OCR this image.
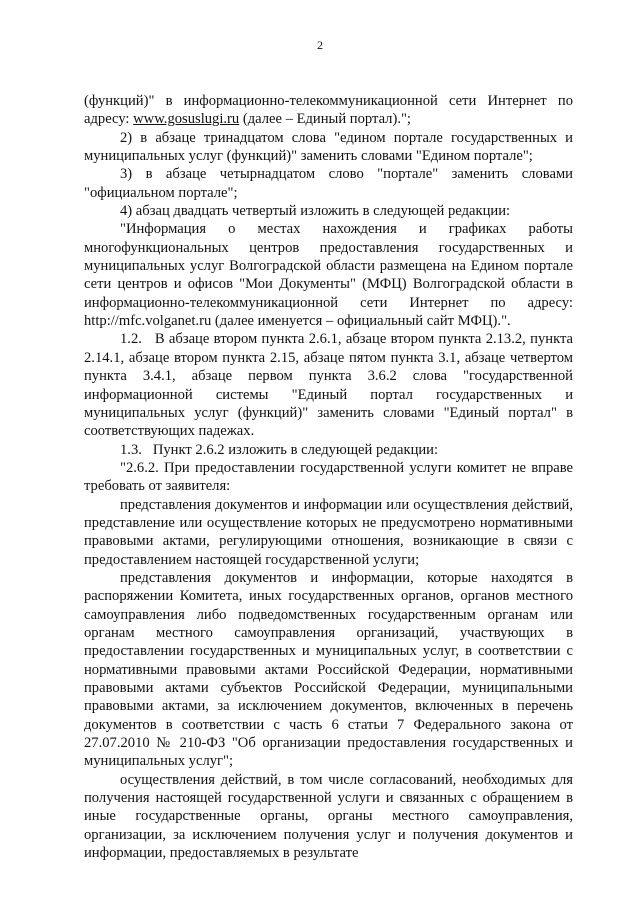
2

(функций)" в информационно-телекоммуникационной сети Интернет по адресу: www.gosuslugi.ru (далее – Единый портал).";

2) в абзаце тринадцатом слова "едином портале государственных и муниципальных услуг (функций)" заменить словами "Едином портале";

3) в абзаце четырнадцатом слово "портале" заменить словами "официальном портале";

4) абзац двадцать четвертый изложить в следующей редакции:

"Информация о местах нахождения и графиках работы многофункциональных центров предоставления государственных и муниципальных услуг Волгоградской области размещена на Едином портале сети центров и офисов "Мои Документы" (МФЦ) Волгоградской области в информационно-телекоммуникационной сети Интернет по адресу: http://mfc.volganet.ru (далее именуется – официальный сайт МФЦ).".

1.2.   В абзаце втором пункта 2.6.1, абзаце втором пункта 2.13.2, пункта 2.14.1, абзаце втором пункта 2.15, абзаце пятом пункта 3.1, абзаце четвертом пункта 3.4.1, абзаце первом пункта 3.6.2 слова "государственной информационной системы "Единый портал государственных и муниципальных услуг (функций)" заменить словами "Единый портал" в соответствующих падежах.

1.3.   Пункт 2.6.2 изложить в следующей редакции:

"2.6.2. При предоставлении государственной услуги комитет не вправе требовать от заявителя:

представления документов и информации или осуществления действий, представление или осуществление которых не предусмотрено нормативными правовыми актами, регулирующими отношения, возникающие в связи с предоставлением настоящей государственной услуги;

представления документов и информации, которые находятся в распоряжении Комитета, иных государственных органов, органов местного самоуправления либо подведомственных государственным органам или органам местного самоуправления организаций, участвующих в предоставлении государственных и муниципальных услуг, в соответствии с нормативными правовыми актами Российской Федерации, нормативными правовыми актами субъектов Российской Федерации, муниципальными правовыми актами, за исключением документов, включенных в перечень документов в соответствии с часть 6 статьи 7 Федерального закона от 27.07.2010 № 210-ФЗ "Об организации предоставления государственных и муниципальных услуг";

осуществления действий, в том числе согласований, необходимых для получения настоящей государственной услуги и связанных с обращением в иные государственные органы, органы местного самоуправления, организации, за исключением получения услуг и получения документов и информации, предоставляемых в результате
